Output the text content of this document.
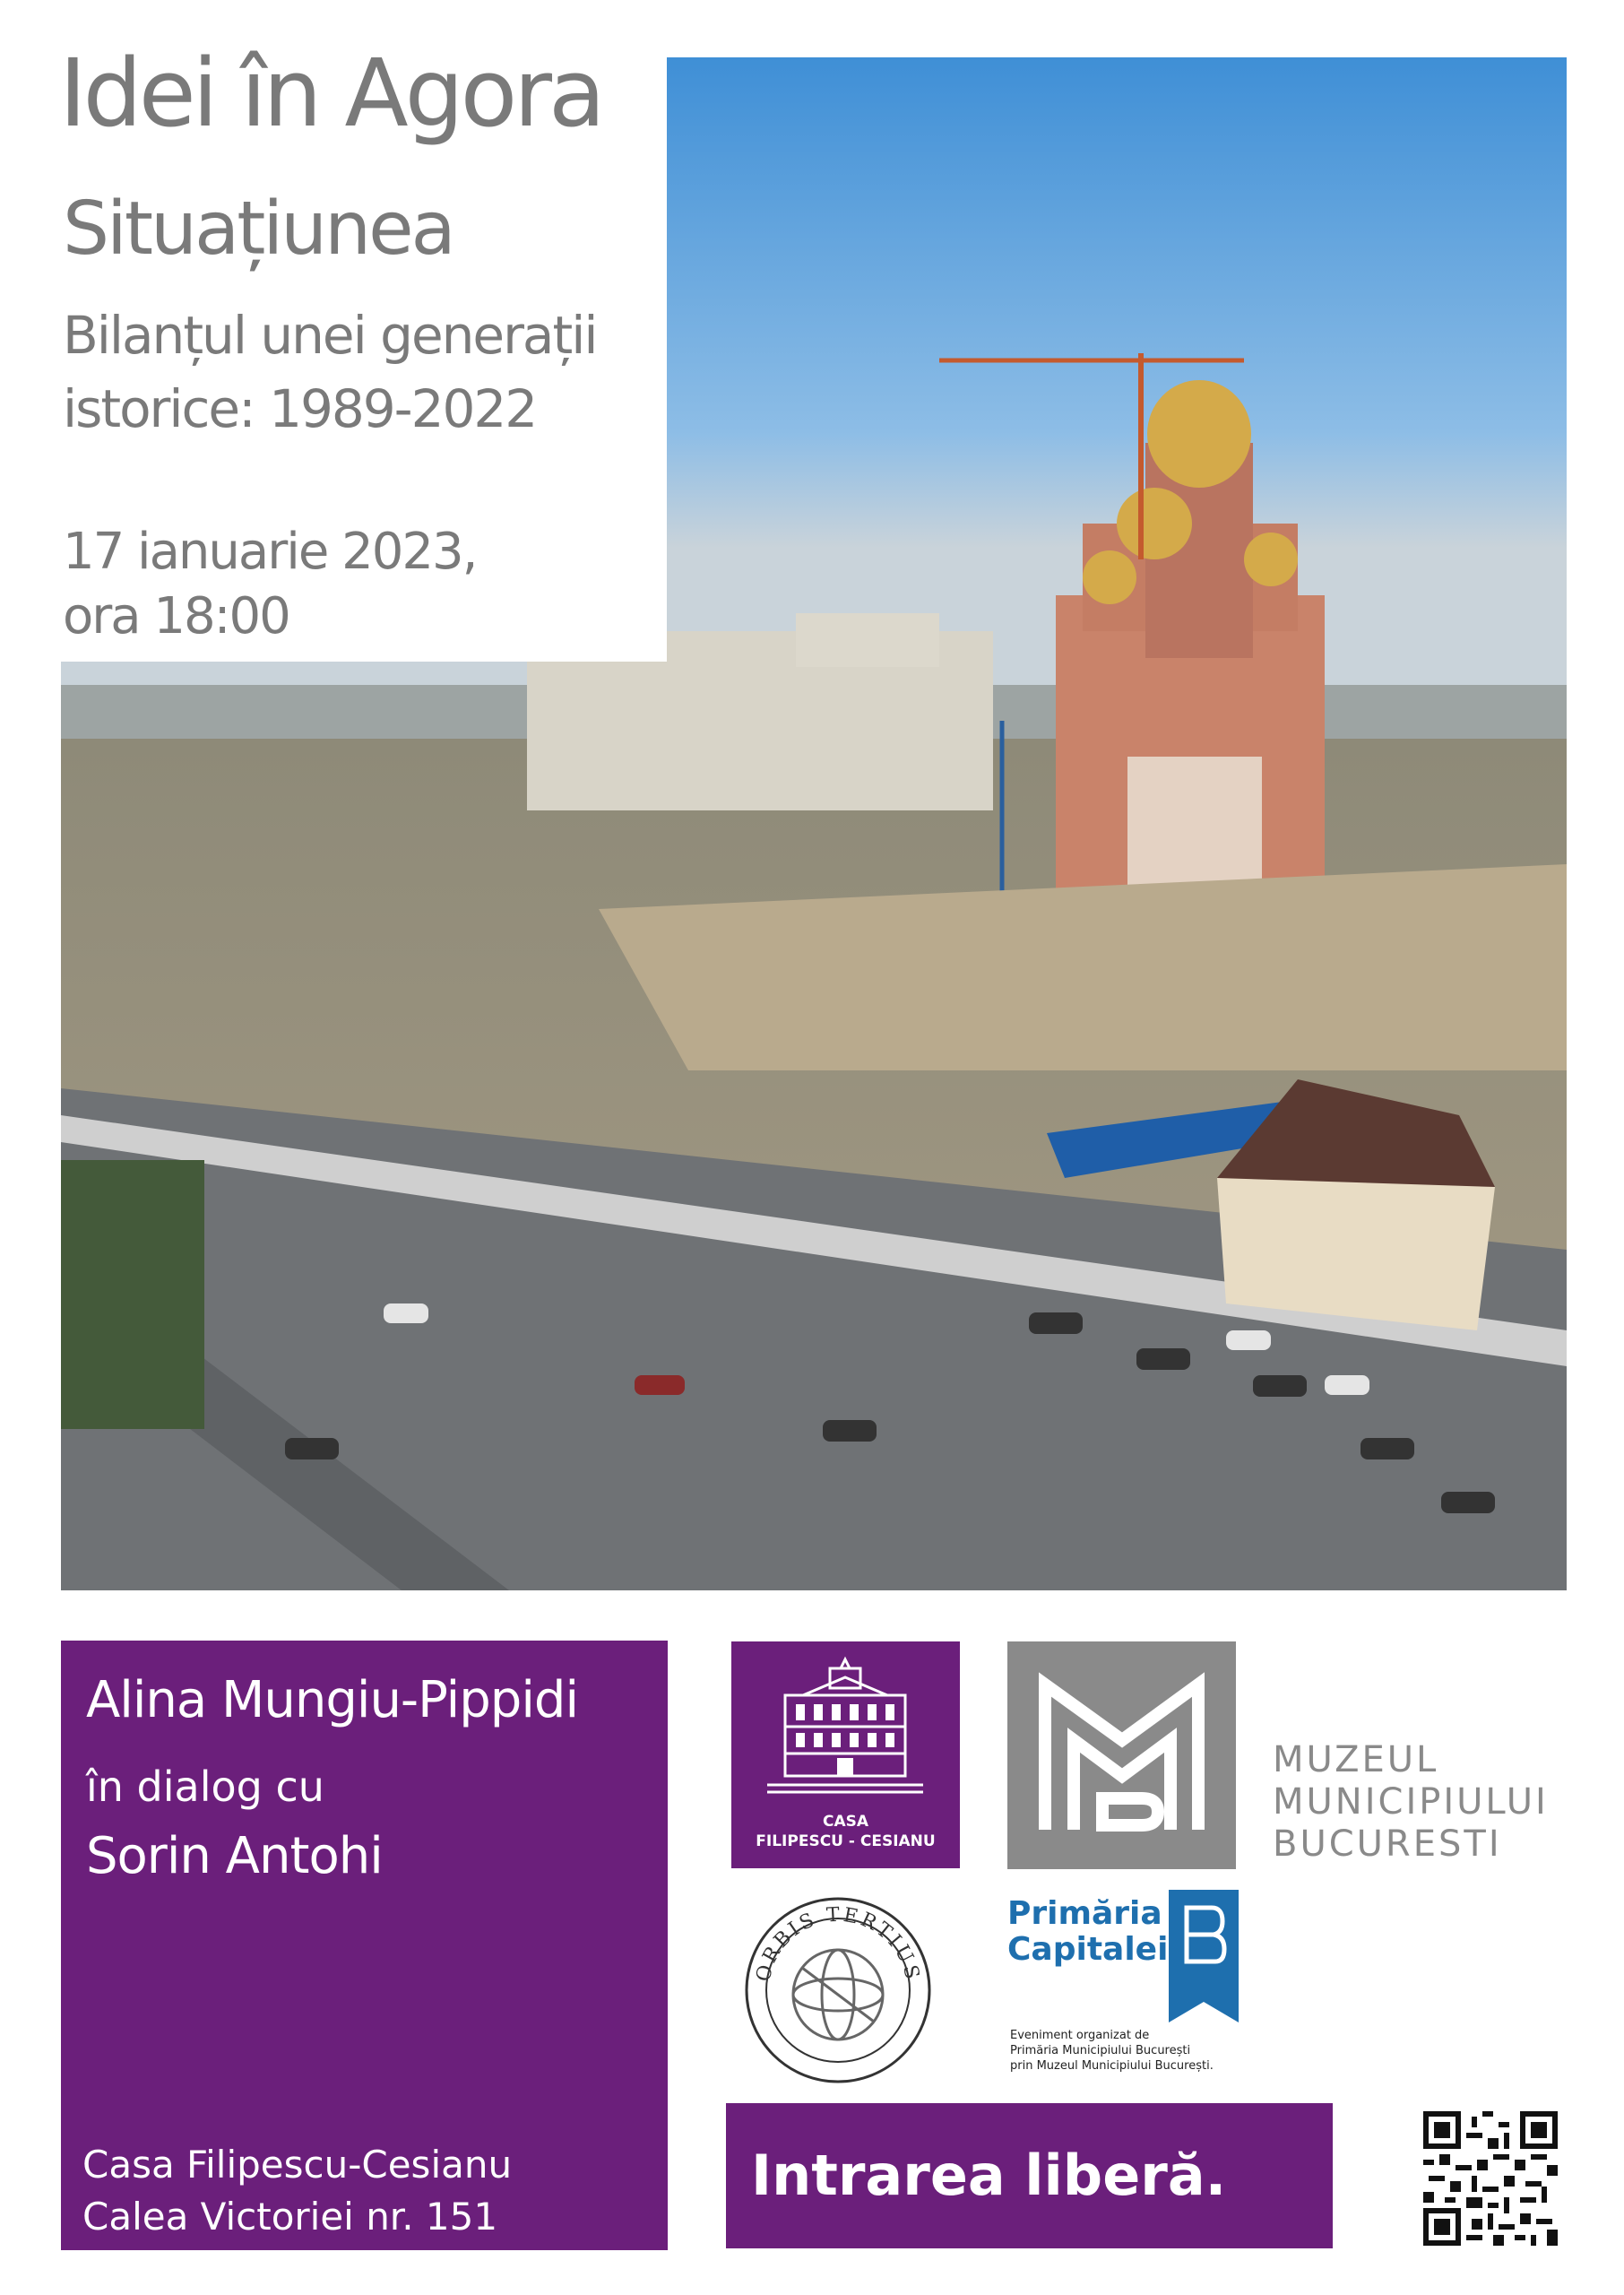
Idei în Agora
Situațiunea
Bilanțul unei generații istorice: 1989-2022
17 ianuarie 2023,
ora 18:00
Alina Mungiu-Pippidi
în dialog cu
Sorin Antohi
Casa Filipescu-Cesianu
Calea Victoriei nr. 151
CASA
FILIPESCU - CESIANU
MUZEUL
MUNICIPIULUI
BUCURESTI
ORBIS TERTIUS
Primăria
Capitalei
Eveniment organizat de
Primăria Municipiului București
prin Muzeul Municipiului București.
Intrarea liberă.
